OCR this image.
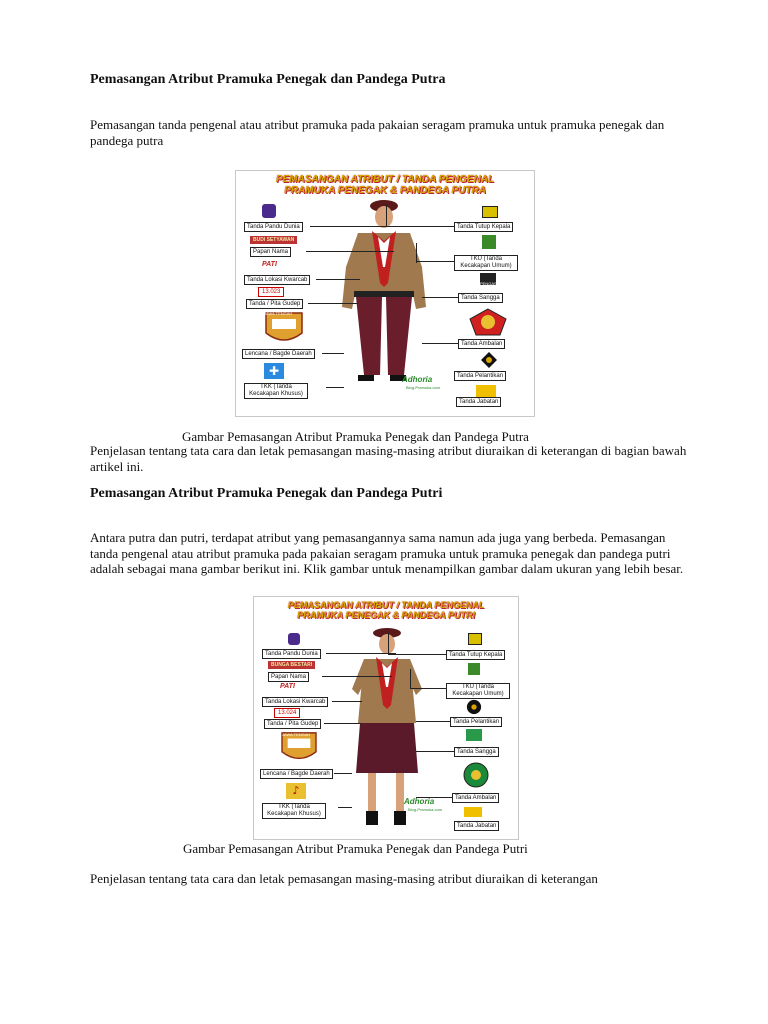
Pemasangan Atribut Pramuka Penegak dan Pandega Putra
Pemasangan tanda pengenal atau atribut pramuka pada pakaian seragam pramuka untuk pramuka penegak dan pandega putra
PEMASANGAN ATRIBUT / TANDA PENGENAL
PRAMUKA PENEGAK & PANDEGA PUTRA
Tanda Pandu Dunia
BUDI SETYAWAN
Papan Nama
PATI
Tanda Lokasi Kwarcab
13.023
Tanda / Pita Gudep
JAWA TENGAH
Lencana / Bagde Daerah
✚
TKK (Tanda Kecakapan Khusus)
Tanda Tutup Kepala
TKU (Tanda Kecakapan Umum)
PENGAS
Tanda Sangga
Tanda Ambalan
Tanda Pelantikan
Tanda Jabatan
Adhoria
Blog-Pramuka.com
Gambar Pemasangan Atribut Pramuka Penegak dan Pandega Putra
Penjelasan tentang tata cara dan letak pemasangan masing-masing atribut diuraikan di keterangan di bagian bawah artikel ini.
Pemasangan Atribut Pramuka Penegak dan Pandega Putri
Antara putra dan putri, terdapat atribut yang pemasangannya sama namun ada juga yang berbeda. Pemasangan tanda pengenal atau atribut pramuka pada pakaian seragam pramuka untuk pramuka penegak dan pandega putri adalah sebagai mana gambar berikut ini. Klik gambar untuk menampilkan gambar dalam ukuran yang lebih besar.
PEMASANGAN ATRIBUT / TANDA PENGENAL
PRAMUKA PENEGAK & PANDEGA PUTRI
Tanda Pandu Dunia
BUNGA BESTARI
Papan Nama
PATI
Tanda Lokasi Kwarcab
13.024
Tanda / Pita Gudep
JAWA TENGAH
Lencana / Bagde Daerah
♪
TKK (Tanda Kecakapan Khusus)
Tanda Tutup Kepala
TKU (Tanda Kecakapan Umum)
Tanda Pelantikan
Tanda Sangga
Tanda Ambalan
Tanda Jabatan
Adhoria
Blog-Pramuka.com
Gambar Pemasangan Atribut Pramuka Penegak dan Pandega Putri
Penjelasan tentang tata cara dan letak pemasangan masing-masing atribut diuraikan di keterangan
